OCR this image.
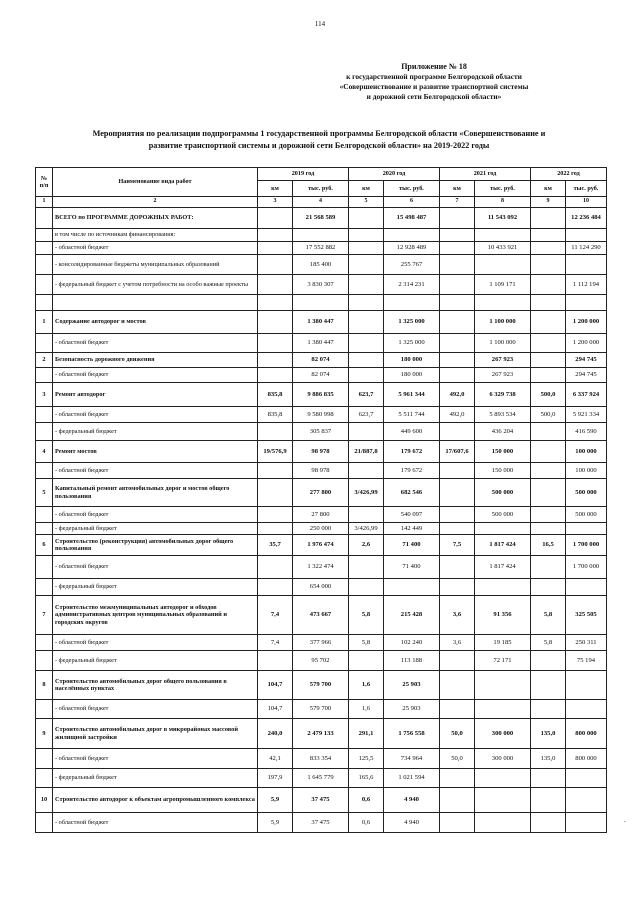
114
Приложение № 18
к государственной программе Белгородской области
«Совершенствование и развитие транспортной системы
и дорожной сети Белгородской области»
Мероприятия по реализации подпрограммы 1 государственной программы Белгородской области «Совершенствование и
развитие транспортной системы и дорожной сети Белгородской области» на 2019-2022 годы
№ п/п	Наименование вида работ	2019 год		2020 год		2021 год		2022 год	
		км	тыс. руб.	км	тыс. руб.	км	тыс. руб.	км	тыс. руб.
1	2	3	4	5	6	7	8	9	10
	ВСЕГО по ПРОГРАММЕ ДОРОЖНЫХ РАБОТ:		21 568 589		15 498 487		11 543 092		12 236 484
	в том числе по источникам финансирования:								
	- областной бюджет		17 552 882		12 928 489		10 433 921		11 124 290
	- консолидированные бюджеты муниципальных образований		185 400		255 767				
	- федеральный бюджет с учетом потребности на особо важные проекты		3 830 307		2 314 231		1 109 171		1 112 194

1	Содержание автодорог и мостов		1 380 447		1 325 000		1 100 000		1 200 000
	- областной бюджет		1 380 447		1 325 000		1 100 000		1 200 000
2	Безопасность дорожного движения		82 074		180 000		267 923		294 745
	- областной бюджет		82 074		180 000		267 923		294 745
3	Ремонт автодорог	835,8	9 886 835	623,7	5 961 344	492,0	6 329 738	500,0	6 337 924
	- областной бюджет	835,8	9 580 998	623,7	5 511 744	492,0	5 893 534	500,0	5 921 334
	- федеральный бюджет		305 837		449 600		436 204		416 590
4	Ремонт мостов	19/576,9	98 978	21/887,8	179 672	17/607,6	150 000		100 000
	- областной бюджет		98 978		179 672		150 000		100 000
5	Капитальный ремонт автомобильных дорог и мостов общего пользования		277 800	3/426,99	682 546		500 000		500 000
	- областной бюджет		27 800		540 097		500 000		500 000
	- федеральный бюджет		250 000	3/426,99	142 449				
6	Строительство (реконструкция) автомобильных дорог общего пользования	35,7	1 976 474	2,6	71 400	7,5	1 817 424	16,5	1 700 000
	- областной бюджет		1 322 474		71 400		1 817 424		1 700 000
	- федеральный бюджет		654 000						
7	Строительство межмуниципальных автодорог и обходов административных центров муниципальных образований и городских округов	7,4	473 667	5,8	215 428	3,6	91 356	5,8	325 505
	- областной бюджет	7,4	377 966	5,8	102 240	3,6	19 185	5,8	250 311
	- федеральный бюджет		95 702		113 188		72 171		75 194
8	Строительство автомобильных дорог общего пользования в населённых пунктах	104,7	579 700	1,6	25 903				
	- областной бюджет	104,7	579 700	1,6	25 903				
9	Строительство автомобильных дорог в микрорайонах массовой жилищной застройки	240,0	2 479 133	291,1	1 756 558	50,0	300 000	135,0	800 000
	- областной бюджет	42,1	833 354	125,5	734 964	50,0	300 000	135,0	800 000
	- федеральный бюджет	197,9	1 645 779	165,6	1 021 594				
10	Строительство автодорог к объектам агропромышленного комплекса	5,9	37 475	0,6	4 940				
	- областной бюджет	5,9	37 475	0,6	4 940					.
